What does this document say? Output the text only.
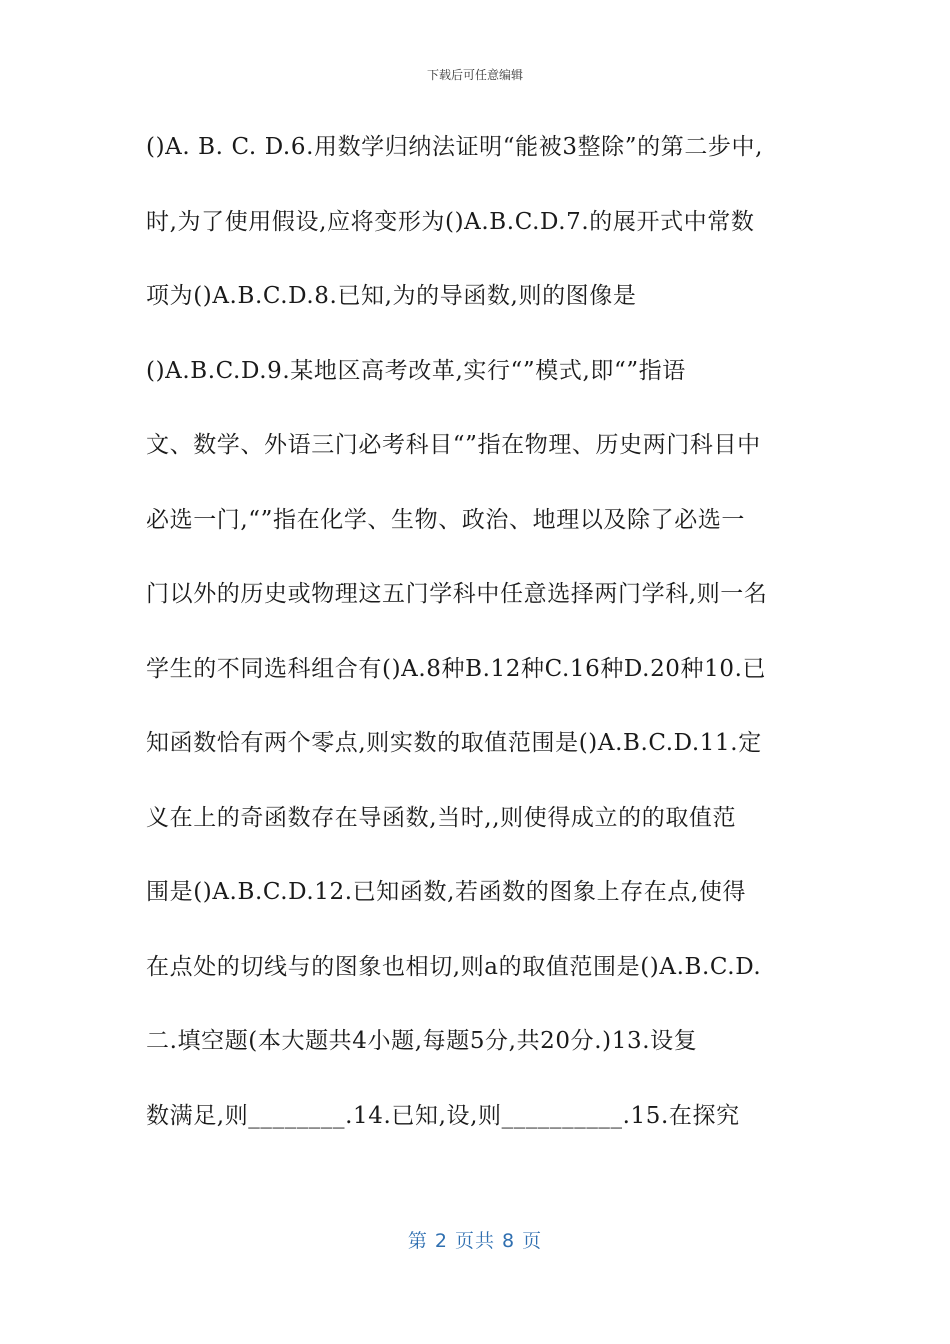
下载后可任意编辑
()A. B. C. D.6.用数学归纳法证明“能被3整除”的第二步中,
时,为了使用假设,应将变形为()A.B.C.D.7.的展开式中常数
项为()A.B.C.D.8.已知,为的导函数,则的图像是
()A.B.C.D.9.某地区高考改革,实行“”模式,即“”指语
文、数学、外语三门必考科目“”指在物理、历史两门科目中
必选一门,“”指在化学、生物、政治、地理以及除了必选一
门以外的历史或物理这五门学科中任意选择两门学科,则一名
学生的不同选科组合有()A.8种B.12种C.16种D.20种10.已
知函数恰有两个零点,则实数的取值范围是()A.B.C.D.11.定
义在上的奇函数存在导函数,当时,,则使得成立的的取值范
围是()A.B.C.D.12.已知函数,若函数的图象上存在点,使得
在点处的切线与的图象也相切,则a的取值范围是()A.B.C.D.
二.填空题(本大题共4小题,每题5分,共20分.)13.设复
数满足,则________.14.已知,设,则__________.15.在探究
第 2 页共 8 页
